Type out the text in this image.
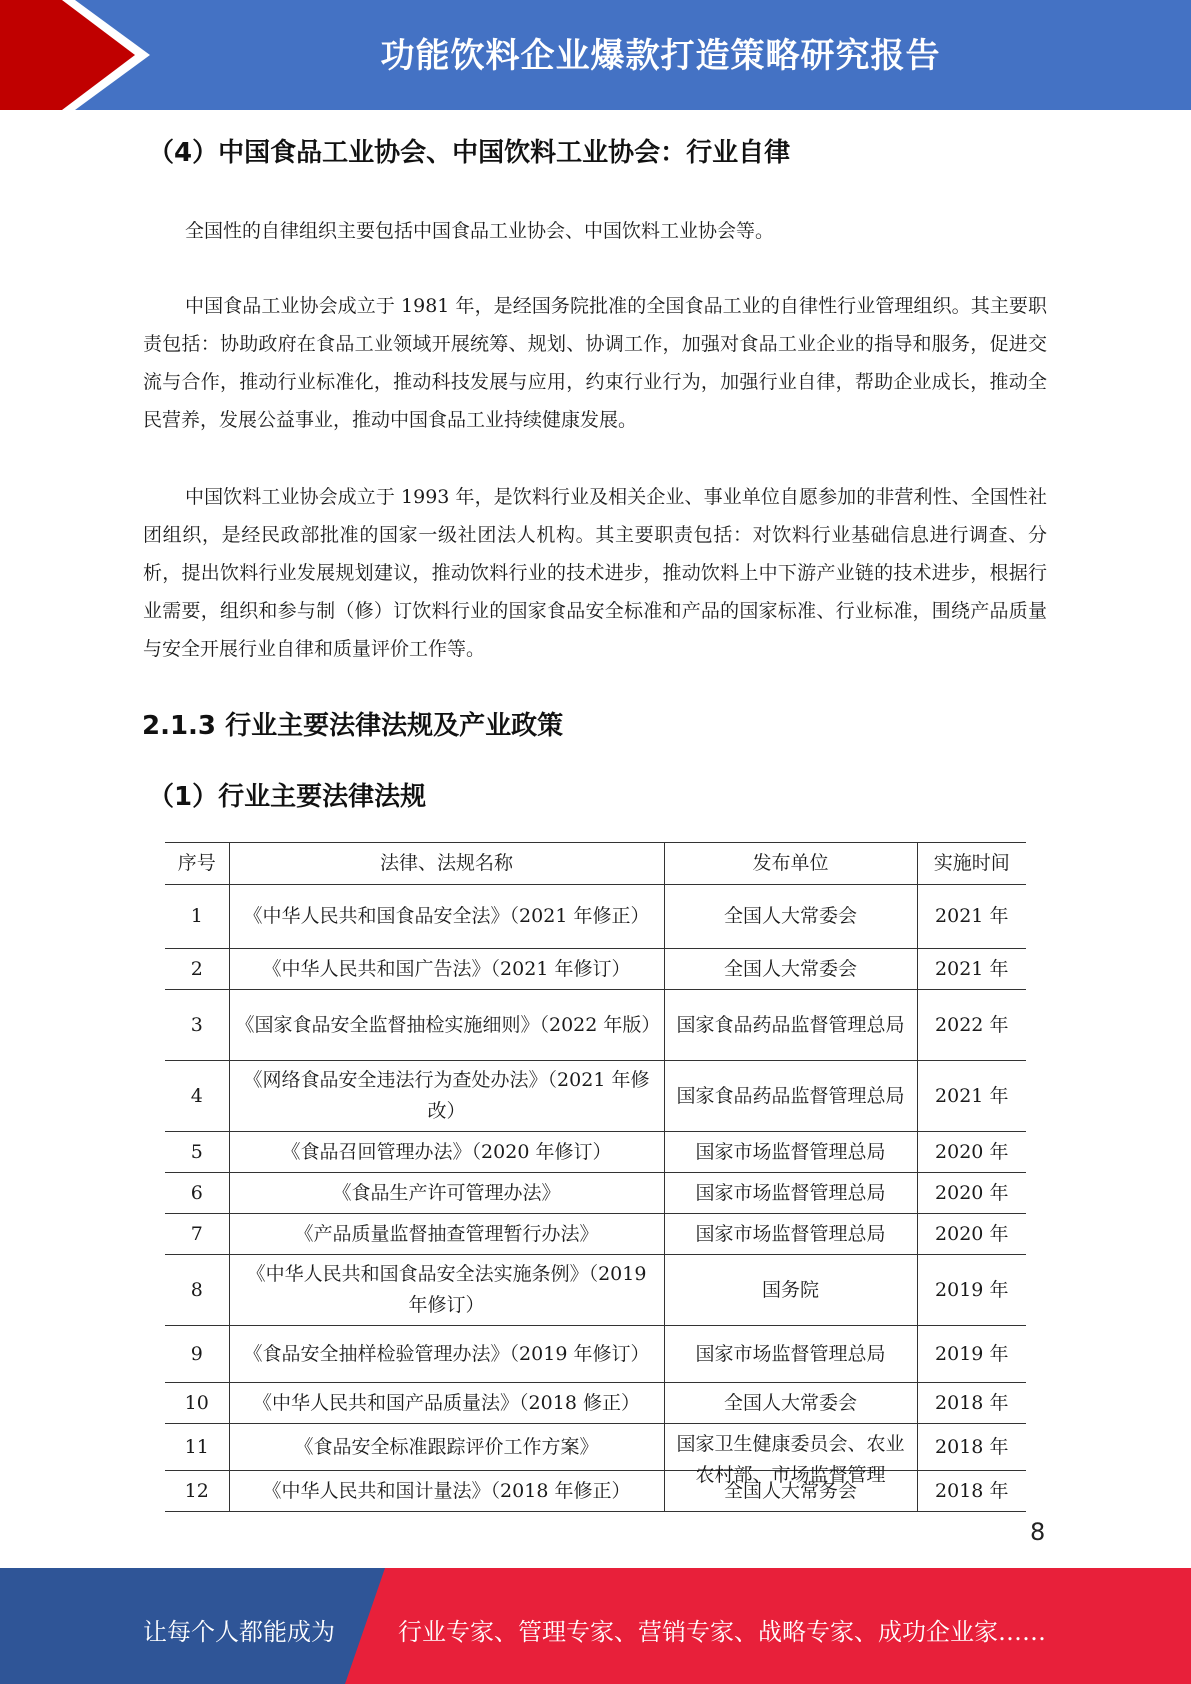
功能饮料企业爆款打造策略研究报告
（4）中国食品工业协会、中国饮料工业协会：行业自律

全国性的自律组织主要包括中国食品工业协会、中国饮料工业协会等。

中国食品工业协会成立于 1981 年，是经国务院批准的全国食品工业的自律性行业管理组织。其主要职责包括：协助政府在食品工业领域开展统筹、规划、协调工作，加强对食品工业企业的指导和服务，促进交流与合作，推动行业标准化，推动科技发展与应用，约束行业行为，加强行业自律，帮助企业成长，推动全民营养，发展公益事业，推动中国食品工业持续健康发展。

中国饮料工业协会成立于 1993 年，是饮料行业及相关企业、事业单位自愿参加的非营利性、全国性社团组织，是经民政部批准的国家一级社团法人机构。其主要职责包括：对饮料行业基础信息进行调查、分析，提出饮料行业发展规划建议，推动饮料行业的技术进步，推动饮料上中下游产业链的技术进步，根据行业需要，组织和参与制（修）订饮料行业的国家食品安全标准和产品的国家标准、行业标准，围绕产品质量与安全开展行业自律和质量评价工作等。

2.1.3 行业主要法律法规及产业政策
（1）行业主要法律法规
序号	法律、法规名称	发布单位	实施时间
1	《中华人民共和国食品安全法》（2021 年修正）	全国人大常委会	2021 年
2	《中华人民共和国广告法》（2021 年修订）	全国人大常委会	2021 年
3	《国家食品安全监督抽检实施细则》（2022 年版）	国家食品药品监督管理总局	2022 年
4	《网络食品安全违法行为查处办法》（2021 年修改）	国家食品药品监督管理总局	2021 年
5	《食品召回管理办法》（2020 年修订）	国家市场监督管理总局	2020 年
6	《食品生产许可管理办法》	国家市场监督管理总局	2020 年
7	《产品质量监督抽查管理暂行办法》	国家市场监督管理总局	2020 年
8	《中华人民共和国食品安全法实施条例》（2019 年修订）	国务院	2019 年
9	《食品安全抽样检验管理办法》（2019 年修订）	国家市场监督管理总局	2019 年
10	《中华人民共和国产品质量法》（2018 修正）	全国人大常委会	2018 年
11	《食品安全标准跟踪评价工作方案》	国家卫生健康委员会、农业农村部、市场监督管理	2018 年
12	《中华人民共和国计量法》（2018 年修正）	全国人大常务会	2018 年
8
让每个人都能成为	行业专家、管理专家、营销专家、战略专家、成功企业家……
